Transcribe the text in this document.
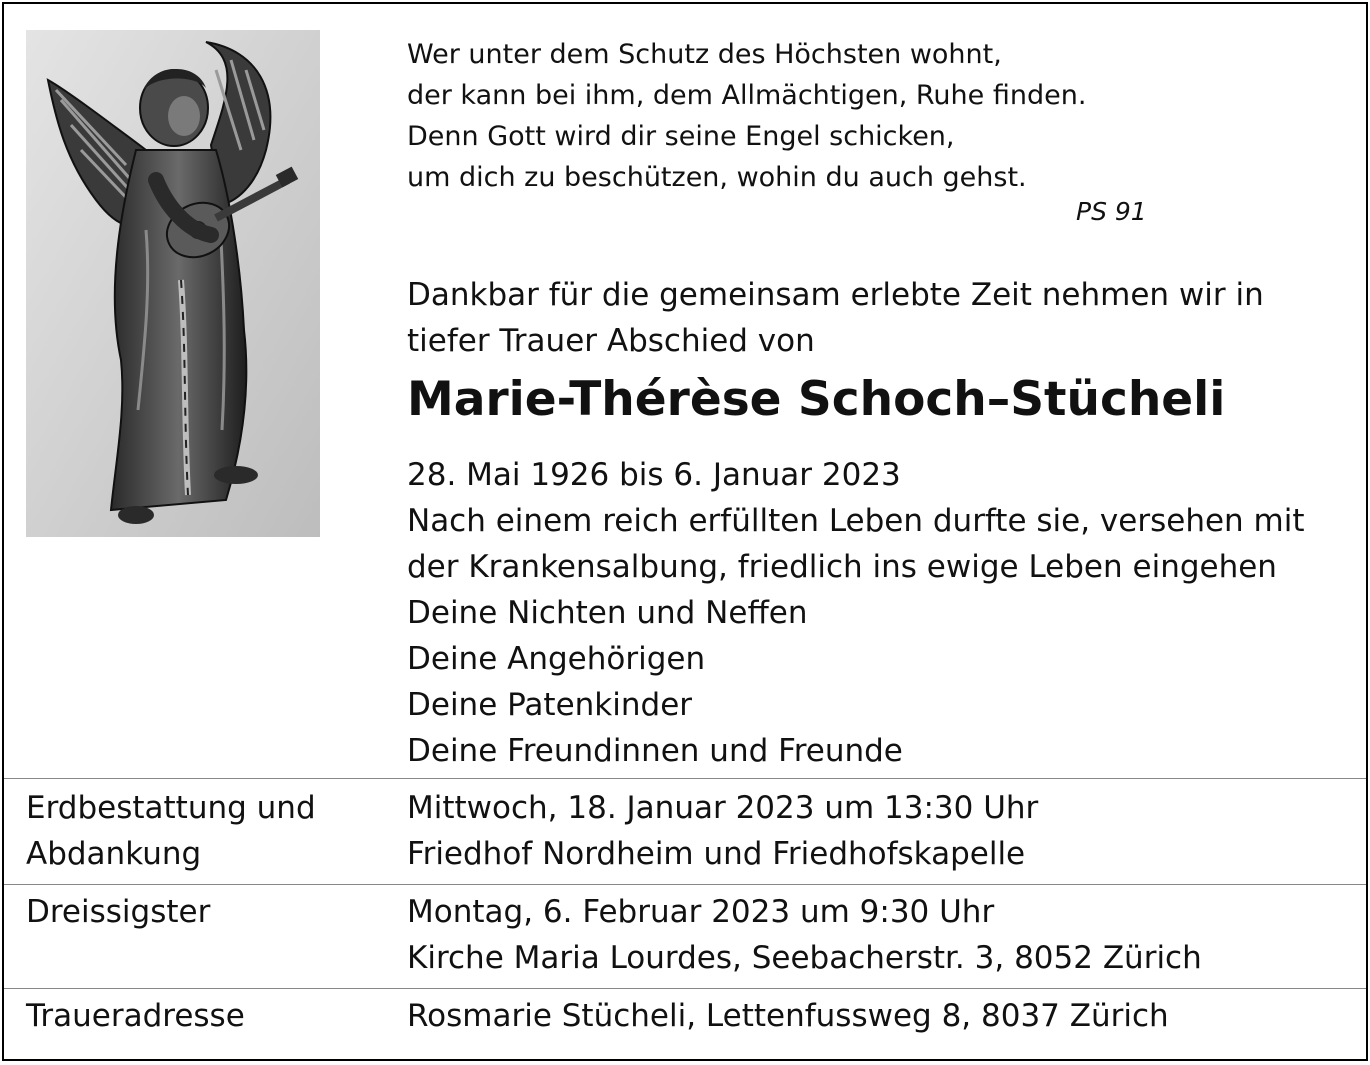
Wer unter dem Schutz des Höchsten wohnt,
der kann bei ihm, dem Allmächtigen, Ruhe finden.
Denn Gott wird dir seine Engel schicken,
um dich zu beschützen, wohin du auch gehst.
PS 91
Dankbar für die gemeinsam erlebte Zeit nehmen wir in
tiefer Trauer Abschied von
Marie-Thérèse Schoch–Stücheli
28. Mai 1926 bis 6. Januar 2023
Nach einem reich erfüllten Leben durfte sie, versehen mit
der Krankensalbung, friedlich ins ewige Leben eingehen
Deine Nichten und Neffen
Deine Angehörigen
Deine Patenkinder
Deine Freundinnen und Freunde
Erdbestattung und
Abdankung
Mittwoch, 18. Januar 2023 um 13:30 Uhr
Friedhof Nordheim und Friedhofskapelle
Dreissigster	Montag, 6. Februar 2023 um 9:30 Uhr
Kirche Maria Lourdes, Seebacherstr. 3, 8052 Zürich
Traueradresse	Rosmarie Stücheli, Lettenfussweg 8, 8037 Zürich
